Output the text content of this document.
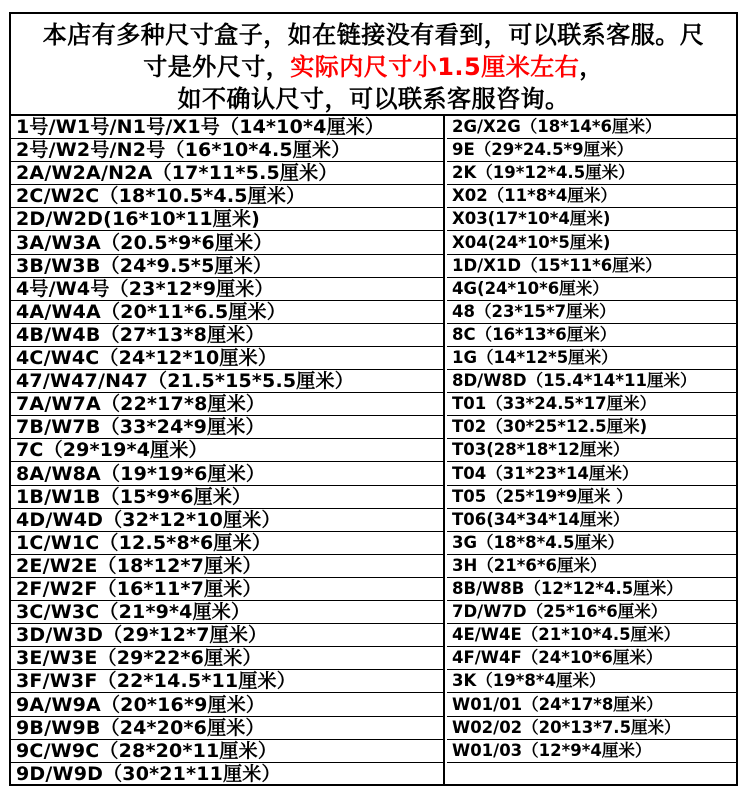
本店有多种尺寸盒子，如在链接没有看到，可以联系客服。尺
寸是外尺寸，实际内尺寸小1.5厘米左右，
如不确认尺寸，可以联系客服咨询。
1号/W1号/N1号/X1号（14*10*4厘米）
2号/W2号/N2号（16*10*4.5厘米）
2A/W2A/N2A（17*11*5.5厘米）
2C/W2C（18*10.5*4.5厘米）
2D/W2D(16*10*11厘米)
3A/W3A（20.5*9*6厘米）
3B/W3B（24*9.5*5厘米）
4号/W4号（23*12*9厘米）
4A/W4A（20*11*6.5厘米）
4B/W4B（27*13*8厘米）
4C/W4C（24*12*10厘米）
47/W47/N47（21.5*15*5.5厘米）
7A/W7A（22*17*8厘米）
7B/W7B（33*24*9厘米）
7C（29*19*4厘米）
8A/W8A（19*19*6厘米）
1B/W1B（15*9*6厘米）
4D/W4D（32*12*10厘米）
1C/W1C（12.5*8*6厘米）
2E/W2E（18*12*7厘米）
2F/W2F（16*11*7厘米）
3C/W3C（21*9*4厘米）
3D/W3D（29*12*7厘米）
3E/W3E（29*22*6厘米）
3F/W3F（22*14.5*11厘米）
9A/W9A（20*16*9厘米）
9B/W9B（24*20*6厘米）
9C/W9C（28*20*11厘米）
9D/W9D（30*21*11厘米）
2G/X2G（18*14*6厘米）
9E（29*24.5*9厘米）
2K（19*12*4.5厘米）
X02（11*8*4厘米）
X03(17*10*4厘米)
X04(24*10*5厘米)
1D/X1D（15*11*6厘米）
4G(24*10*6厘米）
48（23*15*7厘米）
8C（16*13*6厘米）
1G（14*12*5厘米）
8D/W8D（15.4*14*11厘米）
T01（33*24.5*17厘米）
T02（30*25*12.5厘米)
T03(28*18*12厘米）
T04（31*23*14厘米）
T05（25*19*9厘米 ）
T06(34*34*14厘米）
3G（18*8*4.5厘米）
3H（21*6*6厘米）
8B/W8B（12*12*4.5厘米）
7D/W7D（25*16*6厘米）
4E/W4E（21*10*4.5厘米）
4F/W4F（24*10*6厘米）
3K（19*8*4厘米）
W01/01（24*17*8厘米）
W02/02（20*13*7.5厘米）
W01/03（12*9*4厘米）
